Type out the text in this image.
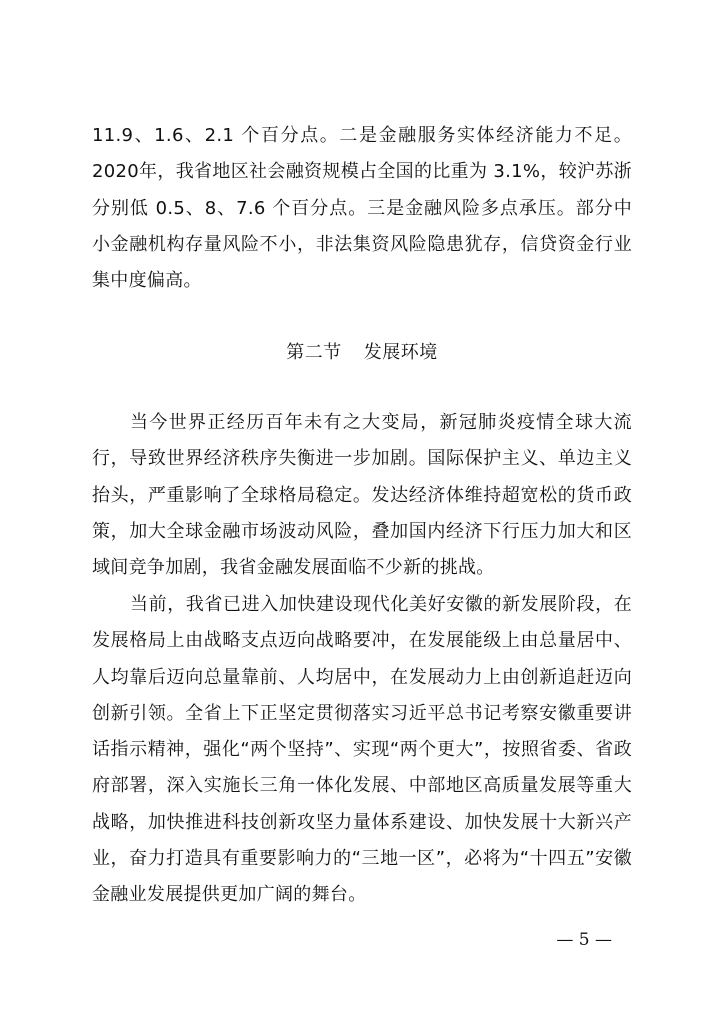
11.9、1.6、2.1 个百分点。二是金融服务实体经济能力不足。2020年，我省地区社会融资规模占全国的比重为 3.1%，较沪苏浙分别低 0.5、8、7.6 个百分点。三是金融风险多点承压。部分中小金融机构存量风险不小，非法集资风险隐患犹存，信贷资金行业集中度偏高。

第二节 发展环境

当今世界正经历百年未有之大变局，新冠肺炎疫情全球大流行，导致世界经济秩序失衡进一步加剧。国际保护主义、单边主义抬头，严重影响了全球格局稳定。发达经济体维持超宽松的货币政策，加大全球金融市场波动风险，叠加国内经济下行压力加大和区域间竞争加剧，我省金融发展面临不少新的挑战。

当前，我省已进入加快建设现代化美好安徽的新发展阶段，在发展格局上由战略支点迈向战略要冲，在发展能级上由总量居中、人均靠后迈向总量靠前、人均居中，在发展动力上由创新追赶迈向创新引领。全省上下正坚定贯彻落实习近平总书记考察安徽重要讲话指示精神，强化“两个坚持”、实现“两个更大”，按照省委、省政府部署，深入实施长三角一体化发展、中部地区高质量发展等重大战略，加快推进科技创新攻坚力量体系建设、加快发展十大新兴产业，奋力打造具有重要影响力的“三地一区”，必将为“十四五”安徽金融业发展提供更加广阔的舞台。

— 5 —
